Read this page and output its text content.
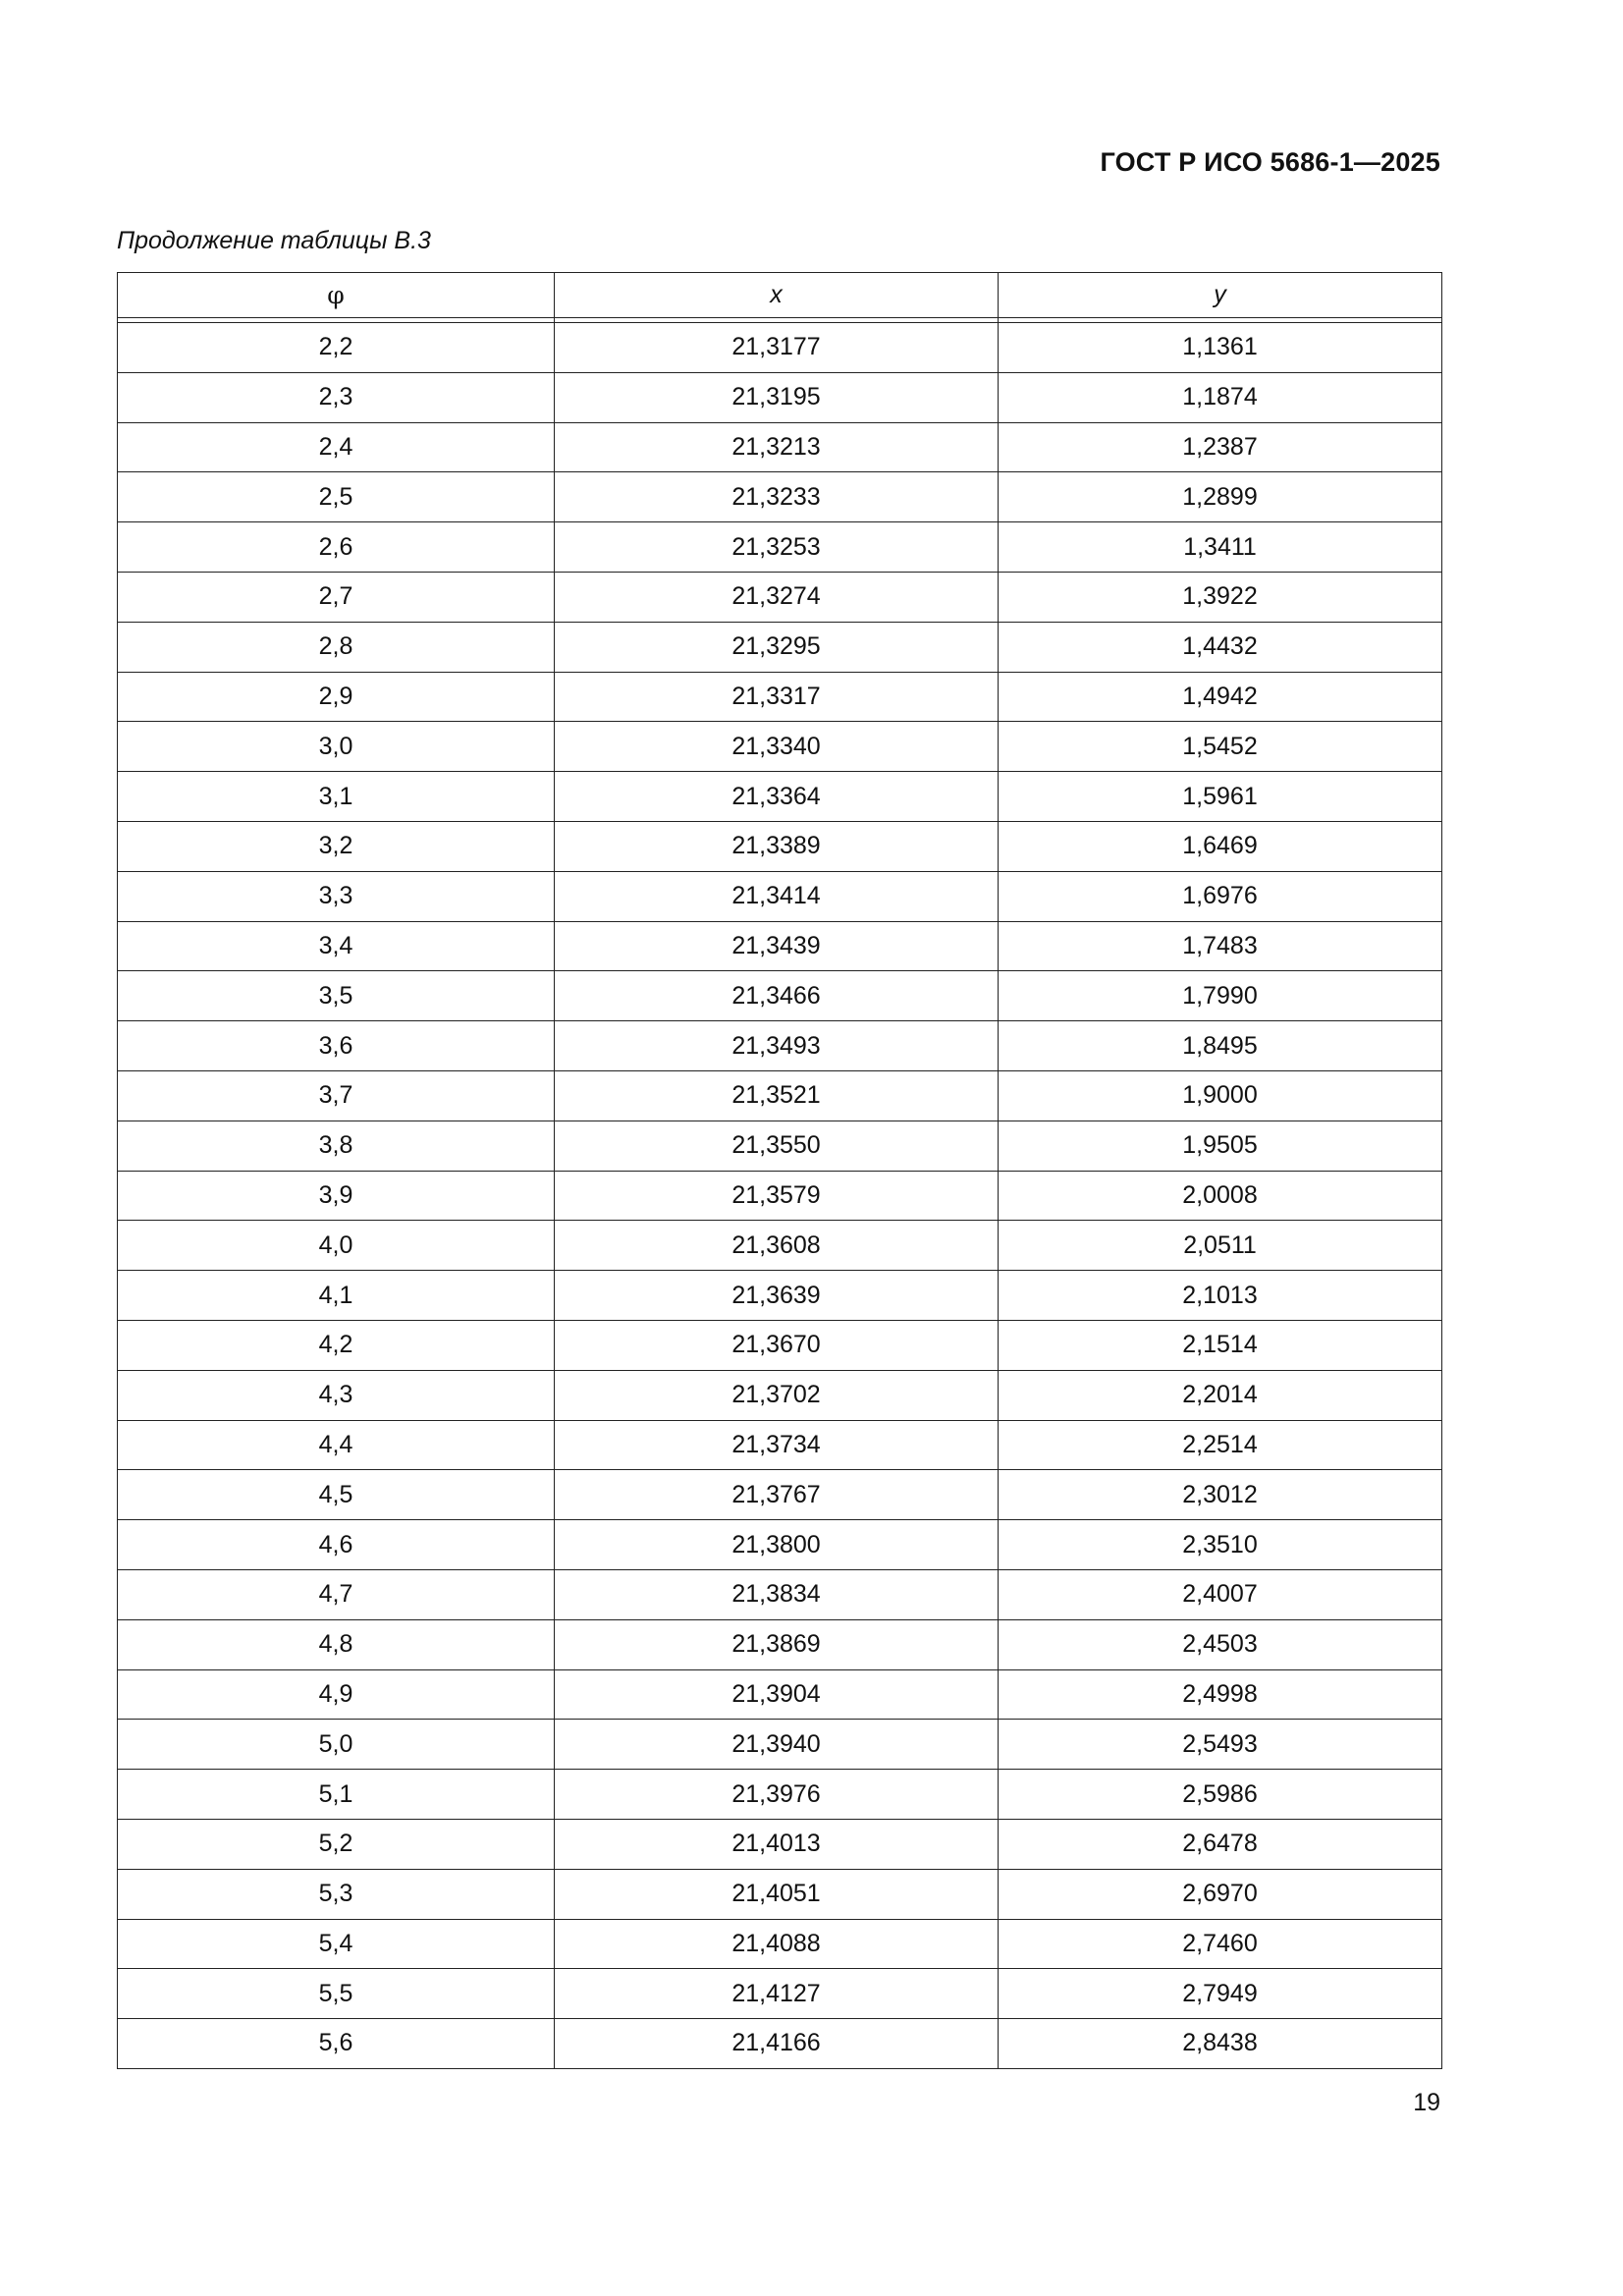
ГОСТ Р ИСО 5686-1—2025
Продолжение таблицы В.3
φ	x	y

2,2	21,3177	1,1361
2,3	21,3195	1,1874
2,4	21,3213	1,2387
2,5	21,3233	1,2899
2,6	21,3253	1,3411
2,7	21,3274	1,3922
2,8	21,3295	1,4432
2,9	21,3317	1,4942
3,0	21,3340	1,5452
3,1	21,3364	1,5961
3,2	21,3389	1,6469
3,3	21,3414	1,6976
3,4	21,3439	1,7483
3,5	21,3466	1,7990
3,6	21,3493	1,8495
3,7	21,3521	1,9000
3,8	21,3550	1,9505
3,9	21,3579	2,0008
4,0	21,3608	2,0511
4,1	21,3639	2,1013
4,2	21,3670	2,1514
4,3	21,3702	2,2014
4,4	21,3734	2,2514
4,5	21,3767	2,3012
4,6	21,3800	2,3510
4,7	21,3834	2,4007
4,8	21,3869	2,4503
4,9	21,3904	2,4998
5,0	21,3940	2,5493
5,1	21,3976	2,5986
5,2	21,4013	2,6478
5,3	21,4051	2,6970
5,4	21,4088	2,7460
5,5	21,4127	2,7949
5,6	21,4166	2,8438
19
